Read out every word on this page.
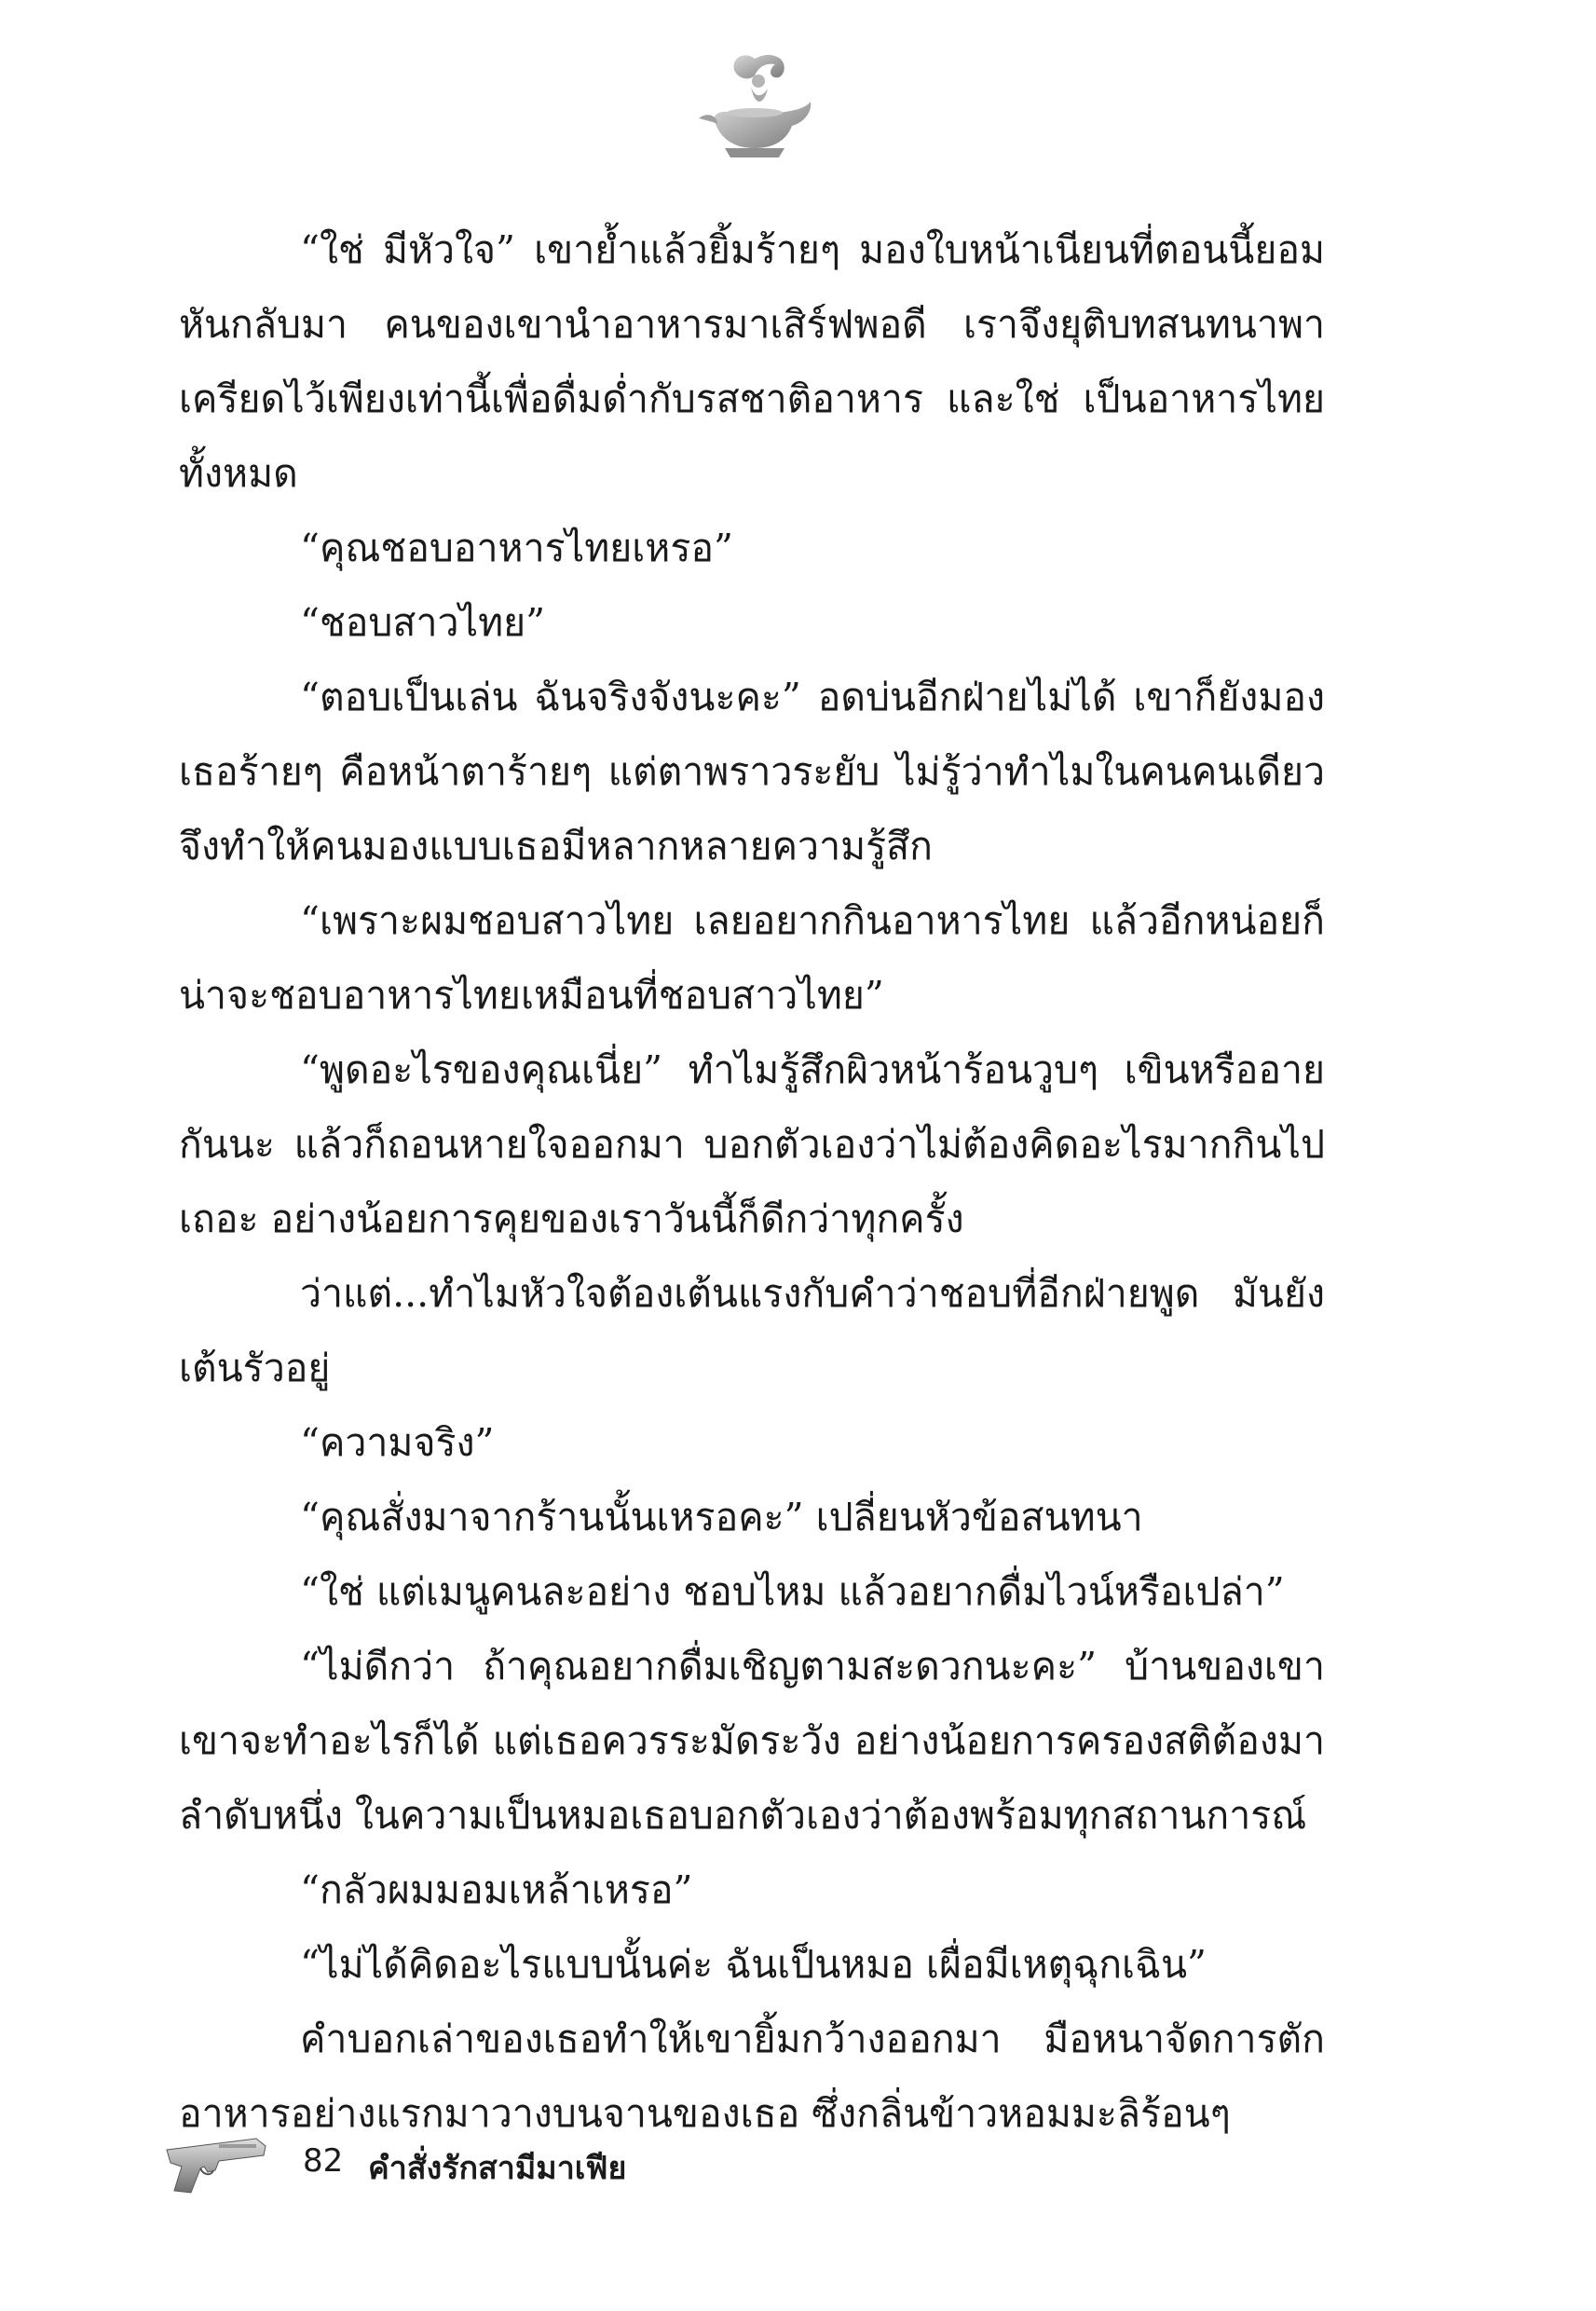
“ใช่ มีหัวใจ” เขาย้ำแล้วยิ้มร้ายๆ มองใบหน้าเนียนที่ตอนนี้ยอมหันกลับมา คนของเขานำอาหารมาเสิร์ฟพอดี เราจึงยุติบทสนทนาพาเครียดไว้เพียงเท่านี้เพื่อดื่มด่ำกับรสชาติอาหาร และใช่ เป็นอาหารไทยทั้งหมด

“คุณชอบอาหารไทยเหรอ”

“ชอบสาวไทย”

“ตอบเป็นเล่น ฉันจริงจังนะคะ” อดบ่นอีกฝ่ายไม่ได้ เขาก็ยังมองเธอร้ายๆ คือหน้าตาร้ายๆ แต่ตาพราวระยับ ไม่รู้ว่าทำไมในคนคนเดียวจึงทำให้คนมองแบบเธอมีหลากหลายความรู้สึก

“เพราะผมชอบสาวไทย เลยอยากกินอาหารไทย แล้วอีกหน่อยก็น่าจะชอบอาหารไทยเหมือนที่ชอบสาวไทย”

“พูดอะไรของคุณเนี่ย” ทำไมรู้สึกผิวหน้าร้อนวูบๆ เขินหรืออายกันนะ แล้วก็ถอนหายใจออกมา บอกตัวเองว่าไม่ต้องคิดอะไรมากกินไปเถอะ อย่างน้อยการคุยของเราวันนี้ก็ดีกว่าทุกครั้ง

ว่าแต่...ทำไมหัวใจต้องเต้นแรงกับคำว่าชอบที่อีกฝ่ายพูด มันยังเต้นรัวอยู่

“ความจริง”

“คุณสั่งมาจากร้านนั้นเหรอคะ” เปลี่ยนหัวข้อสนทนา

“ใช่ แต่เมนูคนละอย่าง ชอบไหม แล้วอยากดื่มไวน์หรือเปล่า”

“ไม่ดีกว่า ถ้าคุณอยากดื่มเชิญตามสะดวกนะคะ” บ้านของเขาเขาจะทำอะไรก็ได้ แต่เธอควรระมัดระวัง อย่างน้อยการครองสติต้องมาลำดับหนึ่ง ในความเป็นหมอเธอบอกตัวเองว่าต้องพร้อมทุกสถานการณ์

“กลัวผมมอมเหล้าเหรอ”

“ไม่ได้คิดอะไรแบบนั้นค่ะ ฉันเป็นหมอ เผื่อมีเหตุฉุกเฉิน”

คำบอกเล่าของเธอทำให้เขายิ้มกว้างออกมา มือหนาจัดการตักอาหารอย่างแรกมาวางบนจานของเธอ ซึ่งกลิ่นข้าวหอมมะลิร้อนๆ

82 คำสั่งรักสามีมาเฟีย
